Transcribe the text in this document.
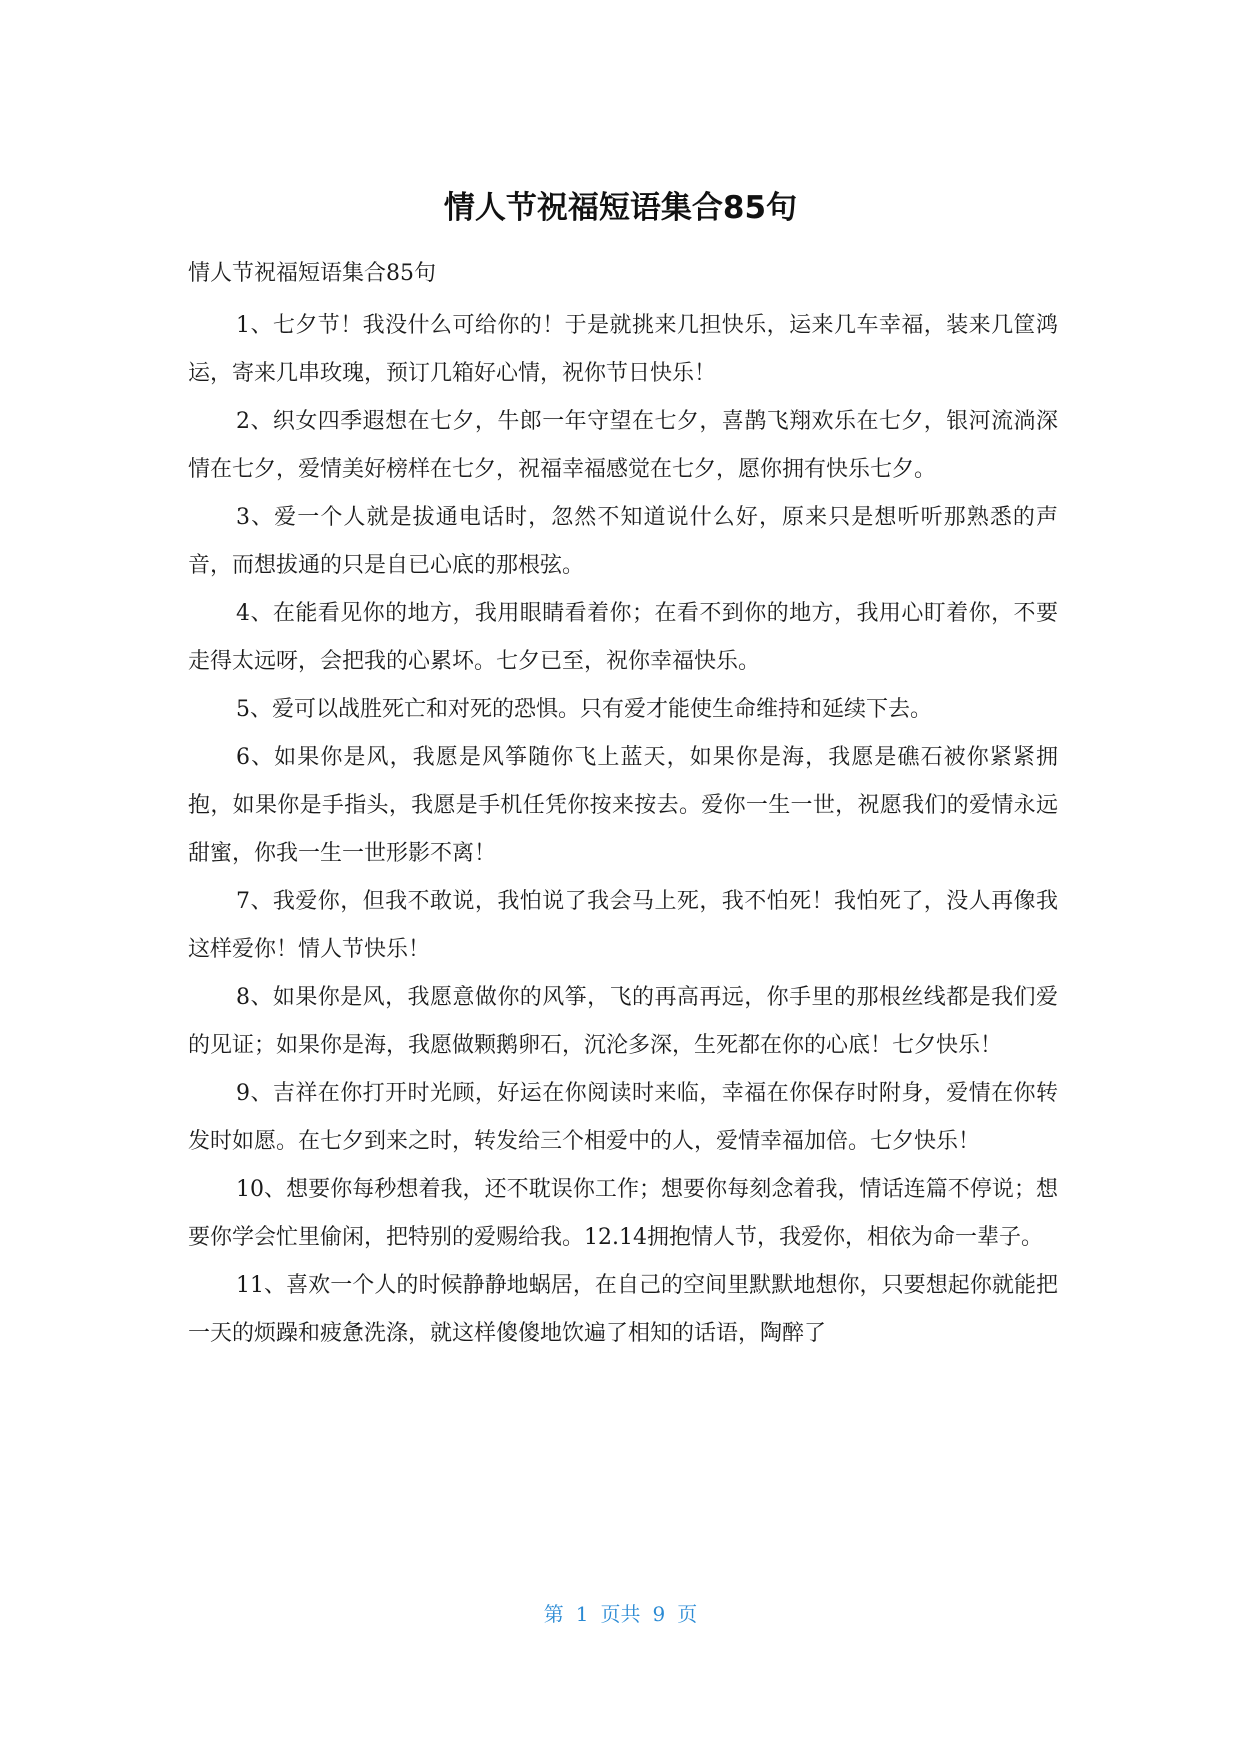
情人节祝福短语集合85句

情人节祝福短语集合85句

1、七夕节！我没什么可给你的！于是就挑来几担快乐，运来几车幸福，装来几筐鸿运，寄来几串玫瑰，预订几箱好心情，祝你节日快乐！

2、织女四季遐想在七夕，牛郎一年守望在七夕，喜鹊飞翔欢乐在七夕，银河流淌深情在七夕，爱情美好榜样在七夕，祝福幸福感觉在七夕，愿你拥有快乐七夕。

3、爱一个人就是拔通电话时，忽然不知道说什么好，原来只是想听听那熟悉的声音，而想拔通的只是自已心底的那根弦。

4、在能看见你的地方，我用眼睛看着你；在看不到你的地方，我用心盯着你，不要走得太远呀，会把我的心累坏。七夕已至，祝你幸福快乐。

5、爱可以战胜死亡和对死的恐惧。只有爱才能使生命维持和延续下去。

6、如果你是风，我愿是风筝随你飞上蓝天，如果你是海，我愿是礁石被你紧紧拥抱，如果你是手指头，我愿是手机任凭你按来按去。爱你一生一世，祝愿我们的爱情永远甜蜜，你我一生一世形影不离！

7、我爱你，但我不敢说，我怕说了我会马上死，我不怕死！我怕死了，没人再像我这样爱你！情人节快乐！

8、如果你是风，我愿意做你的风筝，飞的再高再远，你手里的那根丝线都是我们爱的见证；如果你是海，我愿做颗鹅卵石，沉沦多深，生死都在你的心底！七夕快乐！

9、吉祥在你打开时光顾，好运在你阅读时来临，幸福在你保存时附身，爱情在你转发时如愿。在七夕到来之时，转发给三个相爱中的人，爱情幸福加倍。七夕快乐！

10、想要你每秒想着我，还不耽误你工作；想要你每刻念着我，情话连篇不停说；想要你学会忙里偷闲，把特别的爱赐给我。12.14拥抱情人节，我爱你，相依为命一辈子。

11、喜欢一个人的时候静静地蜗居，在自己的空间里默默地想你，只要想起你就能把一天的烦躁和疲惫洗涤，就这样傻傻地饮遍了相知的话语，陶醉了

第 1 页共 9 页
